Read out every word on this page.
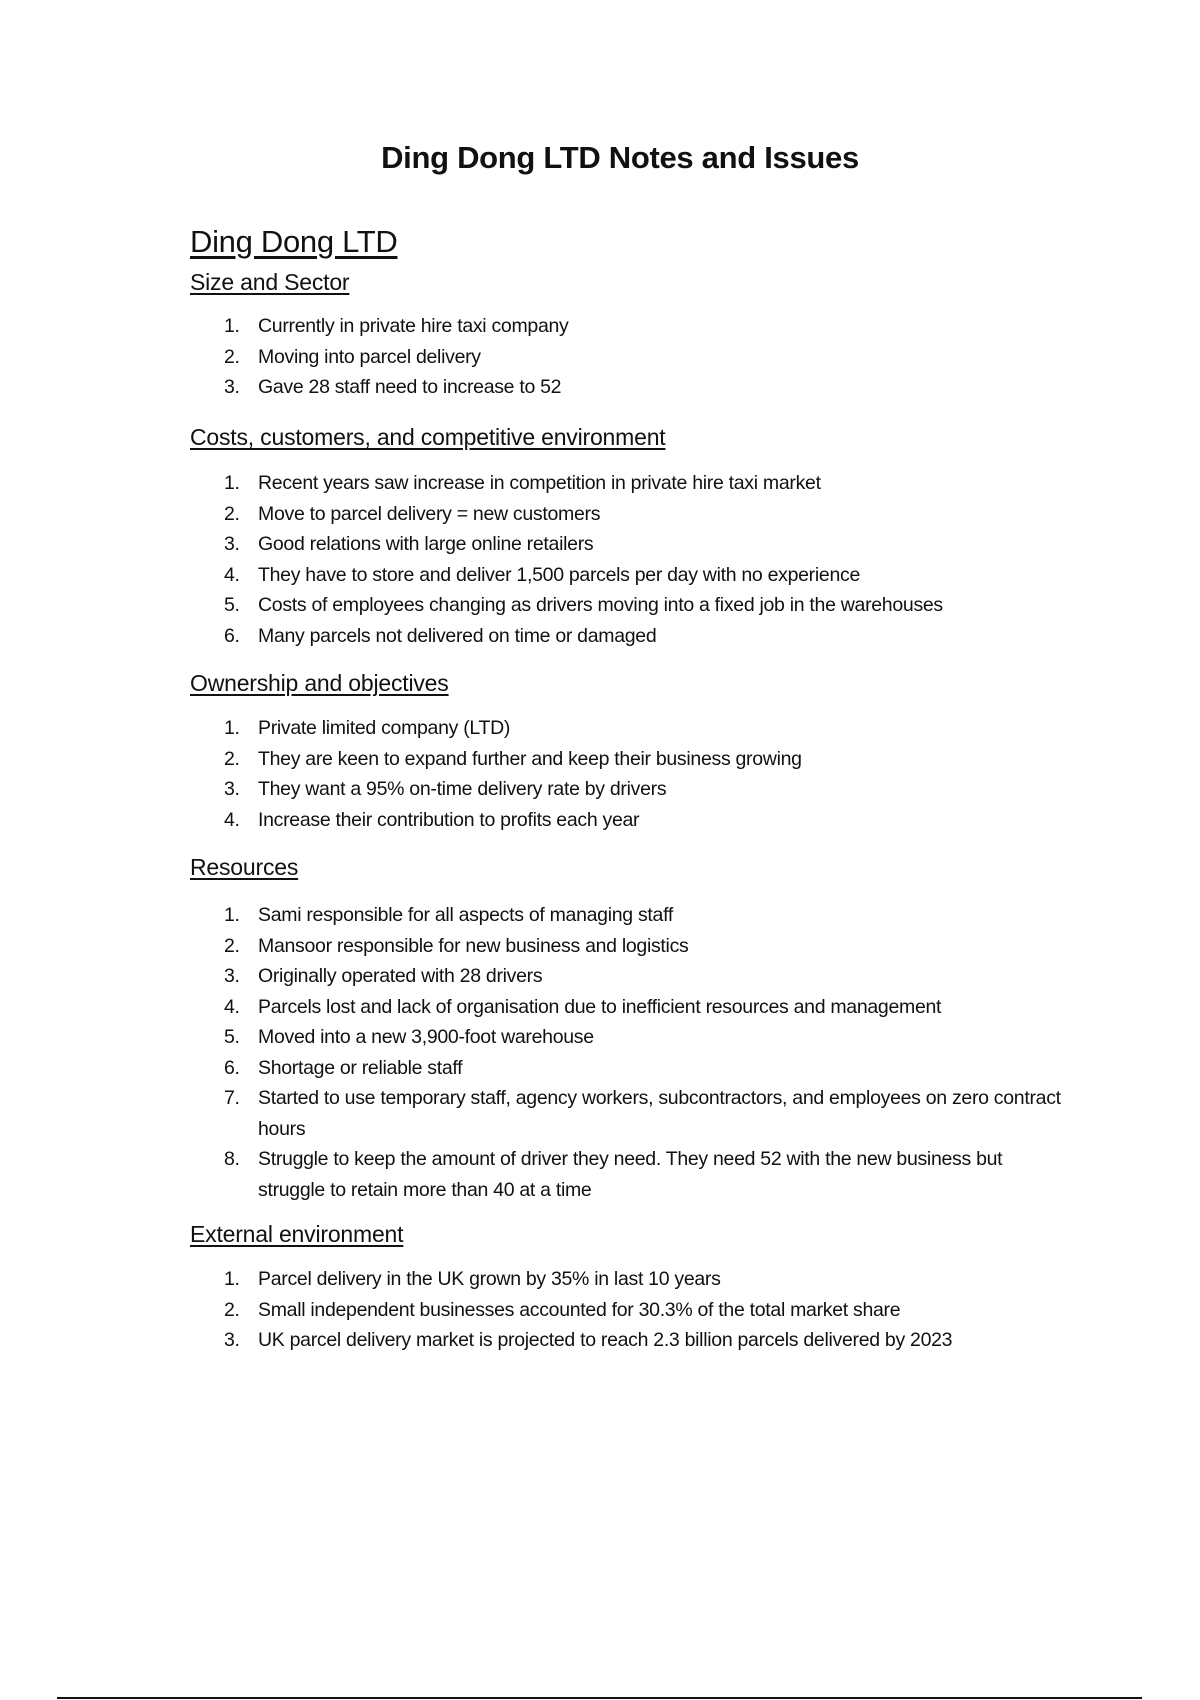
Ding Dong LTD Notes and Issues
Ding Dong LTD
Size and Sector
1. Currently in private hire taxi company
2. Moving into parcel delivery
3. Gave 28 staff need to increase to 52
Costs, customers, and competitive environment
1. Recent years saw increase in competition in private hire taxi market
2. Move to parcel delivery = new customers
3. Good relations with large online retailers
4. They have to store and deliver 1,500 parcels per day with no experience
5. Costs of employees changing as drivers moving into a fixed job in the warehouses
6. Many parcels not delivered on time or damaged
Ownership and objectives
1. Private limited company (LTD)
2. They are keen to expand further and keep their business growing
3. They want a 95% on-time delivery rate by drivers
4. Increase their contribution to profits each year
Resources
1. Sami responsible for all aspects of managing staff
2. Mansoor responsible for new business and logistics
3. Originally operated with 28 drivers
4. Parcels lost and lack of organisation due to inefficient resources and management
5. Moved into a new 3,900-foot warehouse
6. Shortage or reliable staff
7. Started to use temporary staff, agency workers, subcontractors, and employees on zero contract hours
8. Struggle to keep the amount of driver they need. They need 52 with the new business but struggle to retain more than 40 at a time
External environment
1. Parcel delivery in the UK grown by 35% in last 10 years
2. Small independent businesses accounted for 30.3% of the total market share
3. UK parcel delivery market is projected to reach 2.3 billion parcels delivered by 2023
